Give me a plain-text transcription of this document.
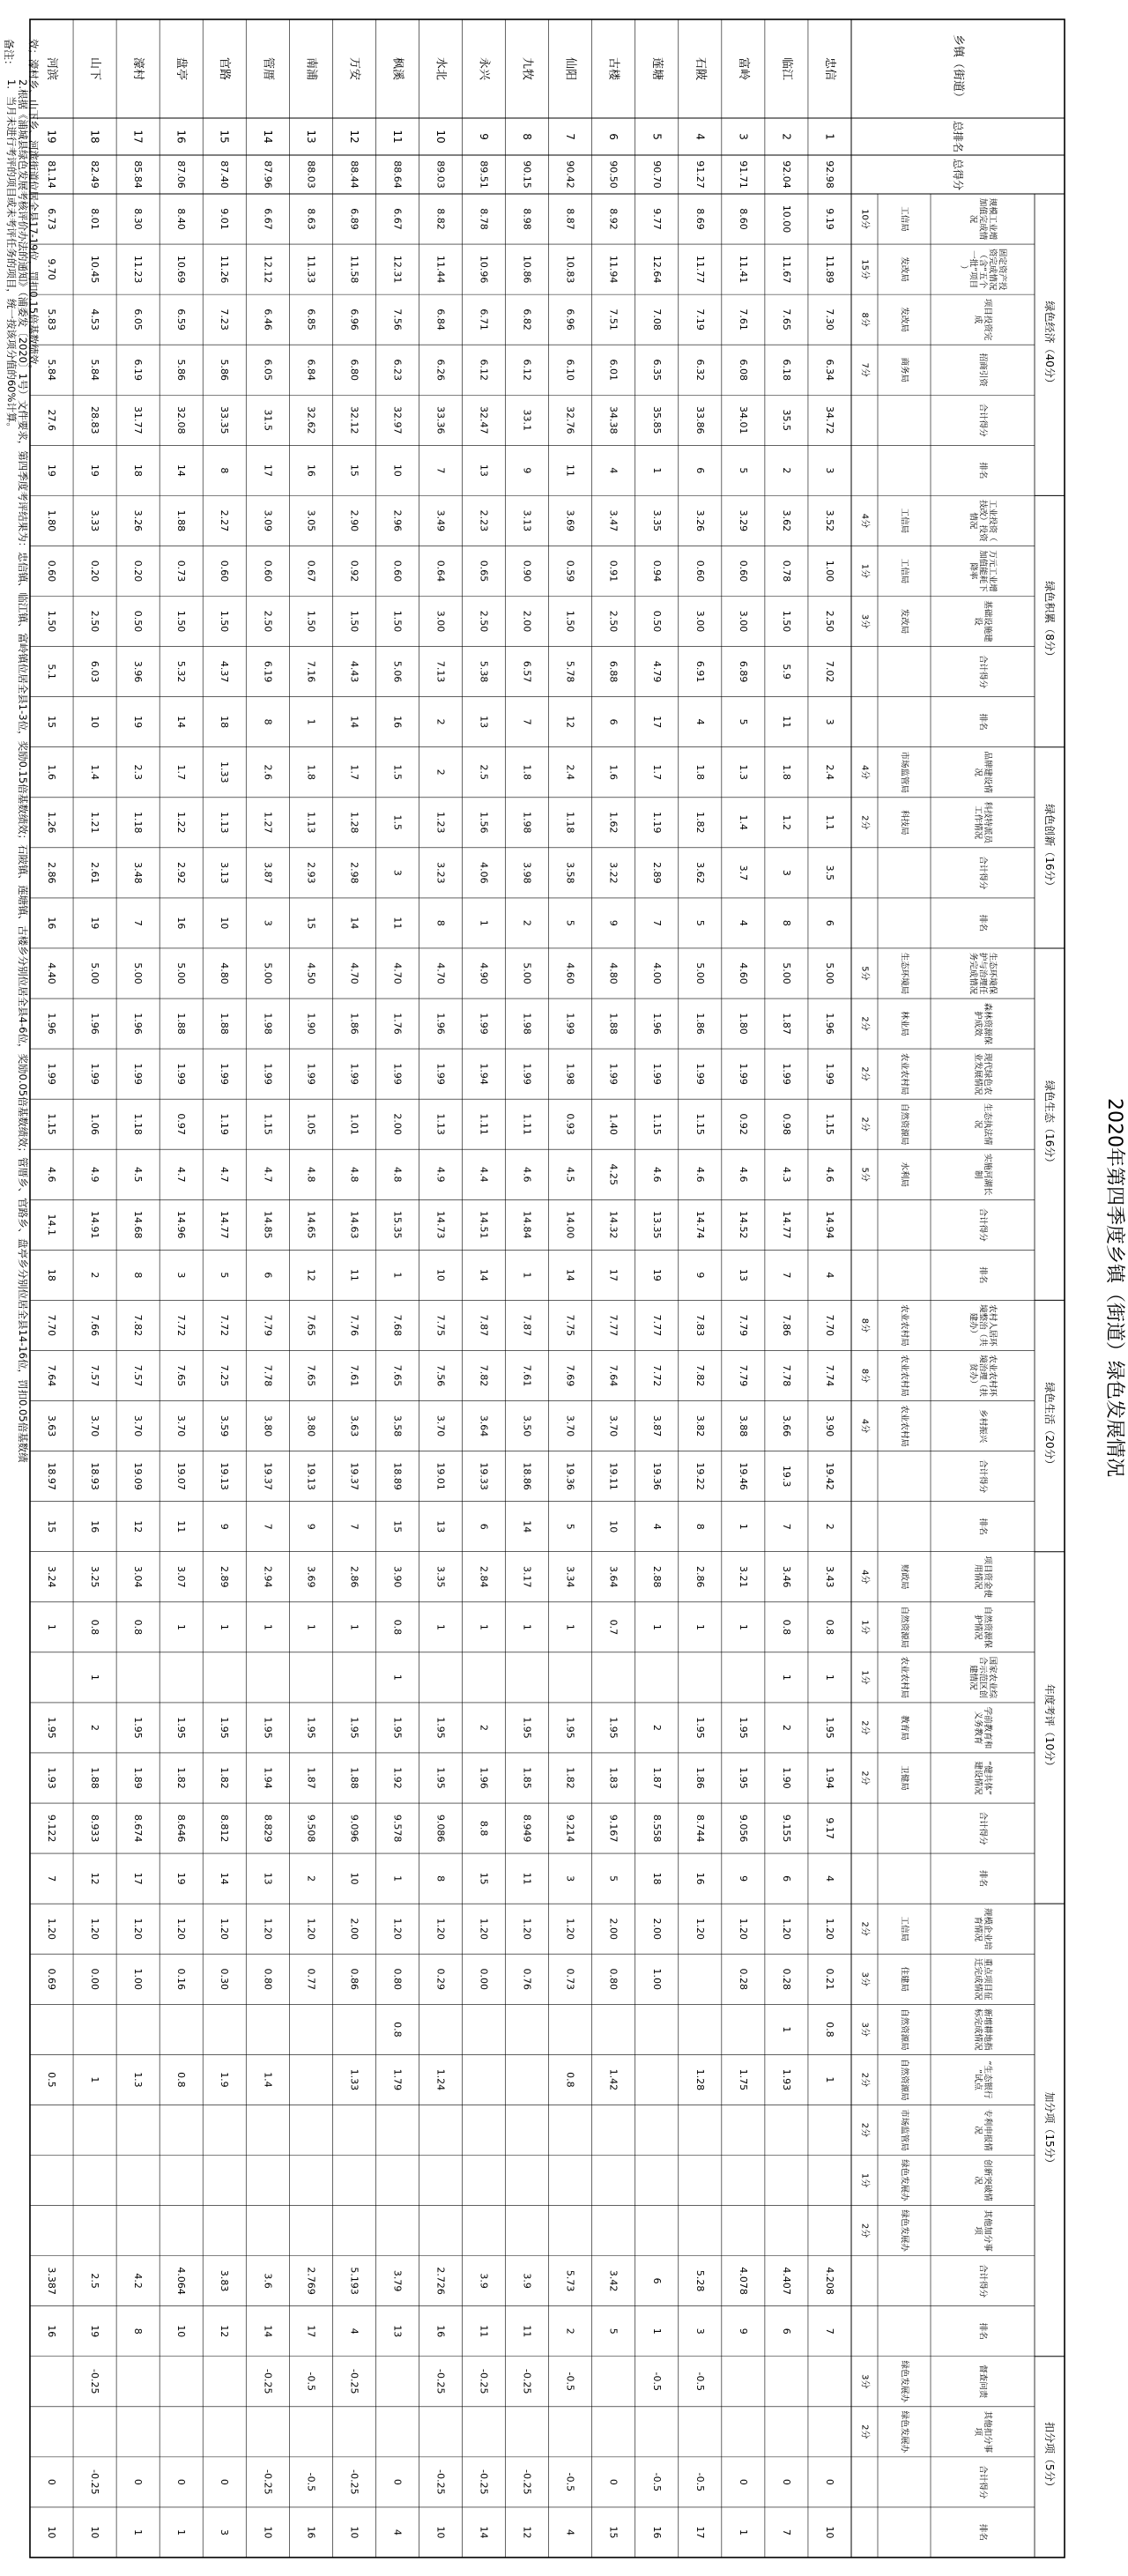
2020年第四季度乡镇（街道）绿色发展情况
备注：
1．当月未进行考评的项目或未考评任务的项目，统一按该项分值的60%计算。 2.根据《浦城县绿色发展考核评价办法的通知》（浦委发〔2020〕1号）文件要求，第四季度考评结果为：忠信镇、临江镇、富岭镇位居全县1-3位，奖励0.15倍基数绩效；石陂镇、莲塘镇、古楼乡分别位居全县4-6位，奖励0.05倍基数绩效；管厝乡、官路乡、盘亭乡分别位居全县14-16位，罚扣0.05倍基数绩
效；濠村乡、山下乡、河滨街道位居全县17-19位，罚扣0.15倍基数绩效。	乡镇（街道）
总排名
总得分
绿色经济（40分）
绿色积累（8分）
绿色创新（16分）
绿色生态（16分）
绿色生活（20分）
年度考评（10分）
加分项（15分）
扣分项（5分）
规模工业增
加值完成情
况
工信局
10分
固定资产投
资完成情况
（含“五个
一批”项目
）
发改局
15分
项目投资完
成
发改局
8分
招商引资
商务局
7分
合计得分
排名
工业投资（
技改）投资
情况
工信局
4分
万元工业增
加值能耗下
降率
工信局
1分
基础设施建
设
发改局
3分
合计得分
排名
品牌建设情
况
市场监管局
4分
科技特派员
工作情况
科技局
2分
合计得分
排名
生态环境保
护与治理任
务完成情况
生态环境局
5分
森林资源保
护成效
林业局
2分
现代绿色农
业发展情况
农业农村局
2分
生态执法情
况
自然资源局
2分
实施河湖长
制
水利局
5分
合计得分
排名
农村人居环
境整治（共
建办）
农业农村局
8分
农业农村环
境治理（扶
贫办）
农业农村局
8分
乡村振兴
农业农村局
4分
合计得分
排名
项目资金使
用情况
财政局
4分
自然资源保
护情况
自然资源局
1分
国家农业综
合示范区创
建情况
农业农村局
1分
学前教育和
义务教育
教育局
2分
“健共体”
建设情况
卫健局
2分
合计得分
排名
规模企业培
育情况
工信局
2分
重点项目征
迁完成情况
住建局
3分
新增耕地指
标完成情况
自然资源局
3分
“生态银行
”试点
自然资源局
2分
专利申报情
况
市场监管局
2分
创新突破情
况
绿色发展办
1分
其他加分事
项
绿色发展办
2分
合计得分
排名
督查问责
绿色发展办
3分
其他扣分事
项
绿色发展办
2分
合计得分
排名
忠信
1
92.98
9.19
11.89
7.30
6.34
34.72
3
3.52
1.00
2.50
7.02
3
2.4
1.1
3.5
6
5.00
1.96
1.99
1.15
4.6
14.94
4
7.70
7.74
3.90
19.42
2
3.43
0.8
1
1.95
1.94
9.17
4
1.20
0.21
0.8
1
4.208
7
0
10
临江
2
92.04
10.00
11.67
7.65
6.18
35.5
2
3.62
0.78
1.50
5.9
11
1.8
1.2
3
8
5.00
1.87
1.99
0.98
4.3
14.77
7
7.86
7.78
3.66
19.3
7
3.46
0.8
1
2
1.90
9.155
6
1.20
0.28
1
1.93
4.407
6
0
7
富岭
3
91.71
8.60
11.41
7.61
6.08
34.01
5
3.29
0.60
3.00
6.89
5
1.3
1.4
3.7
4
4.60
1.80
1.99
0.92
4.6
14.52
13
7.79
7.79
3.88
19.46
1
3.21
1
1.95
1.95
9.056
9
1.20
0.28
1.75
4.078
9
0
1
石陂
4
91.27
8.69
11.77
7.19
6.32
33.86
6
3.26
0.60
3.00
6.91
4
1.8
1.82
3.62
5
5.00
1.86
1.99
1.15
4.6
14.74
9
7.83
7.82
3.82
19.22
8
2.86
1
1.95
1.86
8.744
16
1.20
1.28
5.28
3
-0.5
-0.5
17
莲塘
5
90.70
9.77
12.64
7.08
6.35
35.85
1
3.35
0.94
0.50
4.79
17
1.7
1.19
2.89
7
4.00
1.96
1.99
1.15
4.6
13.35
19
7.77
7.72
3.87
19.36
4
2.88
1
2
1.87
8.558
18
2.00
1.00
6
1
-0.5
-0.5
16
古楼
6
90.50
8.92
11.94
7.51
6.01
34.38
4
3.47
0.91
2.50
6.88
6
1.6
1.62
3.22
9
4.80
1.88
1.99
1.40
4.25
14.32
17
7.77
7.64
3.70
19.11
10
3.64
0.7
1.95
1.83
9.167
5
2.00
0.80
1.42
3.42
5
0
15
仙阳
7
90.42
8.87
10.83
6.96
6.10
32.76
11
3.69
0.59
1.50
5.78
12
2.4
1.18
3.58
5
4.60
1.99
1.98
0.93
4.5
14.00
14
7.75
7.69
3.70
19.36
5
3.34
1
1.95
1.82
9.214
3
1.20
0.73
0.8
5.73
2
-0.5
-0.5
4
九牧
8
90.15
8.98
10.86
6.82
6.12
33.1
9
3.13
0.90
2.00
6.57
7
1.8
1.98
3.98
2
5.00
1.98
1.99
1.11
4.6
14.84
1
7.87
7.61
3.50
18.86
14
3.17
1
1.95
1.85
8.949
11
1.20
0.76
3.9
11
-0.25
-0.25
12
永兴
9
89.51
8.78
10.96
6.71
6.12
32.47
13
2.23
0.65
2.50
5.38
13
2.5
1.56
4.06
1
4.90
1.99
1.94
1.11
4.4
14.51
14
7.87
7.82
3.64
19.33
6
2.84
1
2
1.96
8.8
15
1.20
0.00
3.9
11
-0.25
-0.25
14
水北
10
89.03
8.82
11.44
6.84
6.26
33.36
7
3.49
0.64
3.00
7.13
2
2
1.23
3.23
8
4.70
1.96
1.99
1.13
4.9
14.73
10
7.75
7.56
3.70
19.01
13
3.35
1
1.95
1.95
9.086
8
1.20
0.29
1.24
2.726
16
-0.25
-0.25
10
枫溪
11
88.64
6.67
12.31
7.56
6.23
32.97
10
2.96
0.60
1.50
5.06
16
1.5
1.5
3
11
4.70
1.76
1.99
2.00
4.8
15.35
1
7.68
7.65
3.58
18.89
15
3.90
0.8
1
1.95
1.92
9.578
1
1.20
0.80
0.8
1.79
3.79
13
0
4
万安
12
88.44
6.89
11.58
6.96
6.80
32.12
15
2.90
0.92
1.50
4.43
14
1.7
1.28
2.98
14
4.70
1.86
1.99
1.01
4.8
14.63
11
7.76
7.61
3.63
19.37
7
2.86
1
1.95
1.88
9.096
10
2.00
0.86
1.33
5.193
4
-0.25
-0.25
10
南浦
13
88.03
8.63
11.33
6.85
6.84
32.62
16
3.05
0.67
1.50
7.16
1
1.8
1.13
2.93
15
4.50
1.90
1.99
1.05
4.8
14.65
12
7.65
7.65
3.80
19.13
9
3.69
1
1.95
1.87
9.508
2
1.20
0.77
2.769
17
-0.5
-0.5
16
管厝
14
87.96
6.67
12.12
6.46
6.05
31.5
17
3.09
0.60
2.50
6.19
8
2.6
1.27
3.87
3
5.00
1.98
1.99
1.15
4.7
14.85
6
7.79
7.78
3.80
19.37
7
2.94
1
1.95
1.94
8.829
13
1.20
0.80
1.4
3.6
14
-0.25
-0.25
10
官路
15
87.40
9.01
11.26
7.23
5.86
33.35
8
2.27
0.60
1.50
4.37
18
1.33
1.13
3.13
10
4.80
1.88
1.99
1.19
4.7
14.77
5
7.72
7.25
3.59
19.13
9
2.89
1
1.95
1.82
8.812
14
1.20
0.30
1.9
3.83
12
0
3
盘亭
16
87.06
8.40
10.69
6.59
5.86
32.08
14
1.88
0.73
1.50
5.32
14
1.7
1.22
2.92
16
5.00
1.88
1.99
0.97
4.7
14.96
3
7.72
7.65
3.70
19.07
11
3.07
1
1.95
1.82
8.646
19
1.20
0.16
0.8
4.064
10
0
1
濠村
17
85.84
8.30
11.23
6.05
6.19
31.77
18
3.26
0.20
0.50
3.96
19
2.3
1.18
3.48
7
5.00
1.96
1.99
1.18
4.5
14.68
8
7.82
7.57
3.70
19.09
12
3.04
0.8
1.95
1.89
8.674
17
1.20
1.00
1.3
4.2
8
0
1
山下
18
82.49
8.01
10.45
4.53
5.84
28.83
19
3.33
0.20
2.50
6.03
10
1.4
1.21
2.61
19
5.00
1.96
1.99
1.06
4.9
14.91
2
7.66
7.57
3.70
18.93
16
3.25
0.8
1
2
1.88
8.933
12
1.20
0.00
1
2.5
19
-0.25
-0.25
10
河滨
19
81.14
6.73
9.70
5.83
5.84
27.6
19
1.80
0.60
1.50
5.1
15
1.6
1.26
2.86
16
4.40
1.96
1.99
1.15
4.6
14.1
18
7.70
7.64
3.63
18.97
15
3.24
1
1.95
1.93
9.122
7
1.20
0.69
0.5
3.387
16
0
10
